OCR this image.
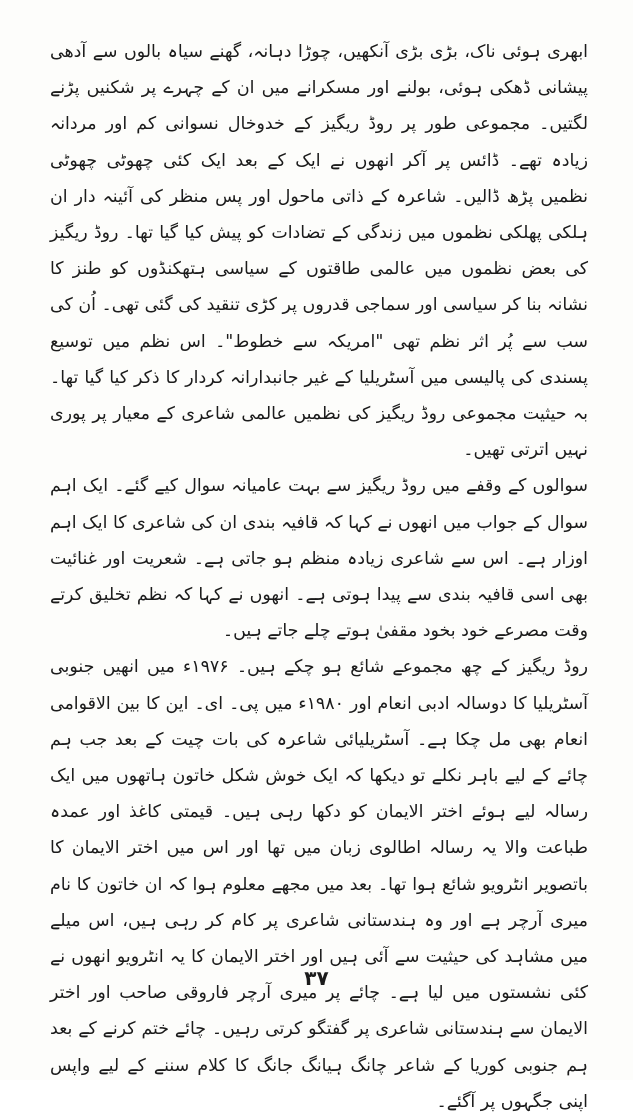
ابھری ہوئی ناک، بڑی بڑی آنکھیں، چوڑا دہانہ، گھنے سیاہ بالوں سے آدھی پیشانی ڈھکی ہوئی، بولنے اور مسکرانے میں ان کے چہرے پر شکنیں پڑنے لگتیں۔ مجموعی طور پر روڈ ریگیز کے خدوخال نسوانی کم اور مردانہ زیادہ تھے۔ ڈائس پر آکر انھوں نے ایک کے بعد ایک کئی چھوٹی چھوٹی نظمیں پڑھ ڈالیں۔ شاعرہ کے ذاتی ماحول اور پس منظر کی آئینہ دار ان ہلکی پھلکی نظموں میں زندگی کے تضادات کو پیش کیا گیا تھا۔ روڈ ریگیز کی بعض نظموں میں عالمی طاقتوں کے سیاسی ہتھکنڈوں کو طنز کا نشانہ بنا کر سیاسی اور سماجی قدروں پر کڑی تنقید کی گئی تھی۔ اُن کی سب سے پُر اثر نظم تھی "امریکہ سے خطوط"۔ اس نظم میں توسیع پسندی کی پالیسی میں آسٹریلیا کے غیر جانبدارانہ کردار کا ذکر کیا گیا تھا۔ بہ حیثیت مجموعی روڈ ریگیز کی نظمیں عالمی شاعری کے معیار پر پوری نہیں اترتی تھیں۔

سوالوں کے وقفے میں روڈ ریگیز سے بہت عامیانہ سوال کیے گئے۔ ایک اہم سوال کے جواب میں انھوں نے کہا کہ قافیہ بندی ان کی شاعری کا ایک اہم اوزار ہے۔ اس سے شاعری زیادہ منظم ہو جاتی ہے۔ شعریت اور غنائیت بھی اسی قافیہ بندی سے پیدا ہوتی ہے۔ انھوں نے کہا کہ نظم تخلیق کرتے وقت مصرعے خود بخود مقفیٰ ہوتے چلے جاتے ہیں۔

روڈ ریگیز کے چھ مجموعے شائع ہو چکے ہیں۔ ۱۹۷۶ء میں انھیں جنوبی آسٹریلیا کا دوسالہ ادبی انعام اور ۱۹۸۰ء میں پی۔ ای۔ این کا بین الاقوامی انعام بھی مل چکا ہے۔ آسٹریلیائی شاعرہ کی بات چیت کے بعد جب ہم چائے کے لیے باہر نکلے تو دیکھا کہ ایک خوش شکل خاتون ہاتھوں میں ایک رسالہ لیے ہوئے اختر الایمان کو دکھا رہی ہیں۔ قیمتی کاغذ اور عمدہ طباعت والا یہ رسالہ اطالوی زبان میں تھا اور اس میں اختر الایمان کا باتصویر انٹرویو شائع ہوا تھا۔ بعد میں مجھے معلوم ہوا کہ ان خاتون کا نام میری آرچر ہے اور وہ ہندستانی شاعری پر کام کر رہی ہیں، اس میلے میں مشاہد کی حیثیت سے آئی ہیں اور اختر الایمان کا یہ انٹرویو انھوں نے کئی نشستوں میں لیا ہے۔ چائے پر میری آرچر فاروقی صاحب اور اختر الایمان سے ہندستانی شاعری پر گفتگو کرتی رہیں۔ چائے ختم کرنے کے بعد ہم جنوبی کوریا کے شاعر چانگ ہیانگ جانگ کا کلام سننے کے لیے واپس اپنی جگہوں پر آگئے۔

۳۷
